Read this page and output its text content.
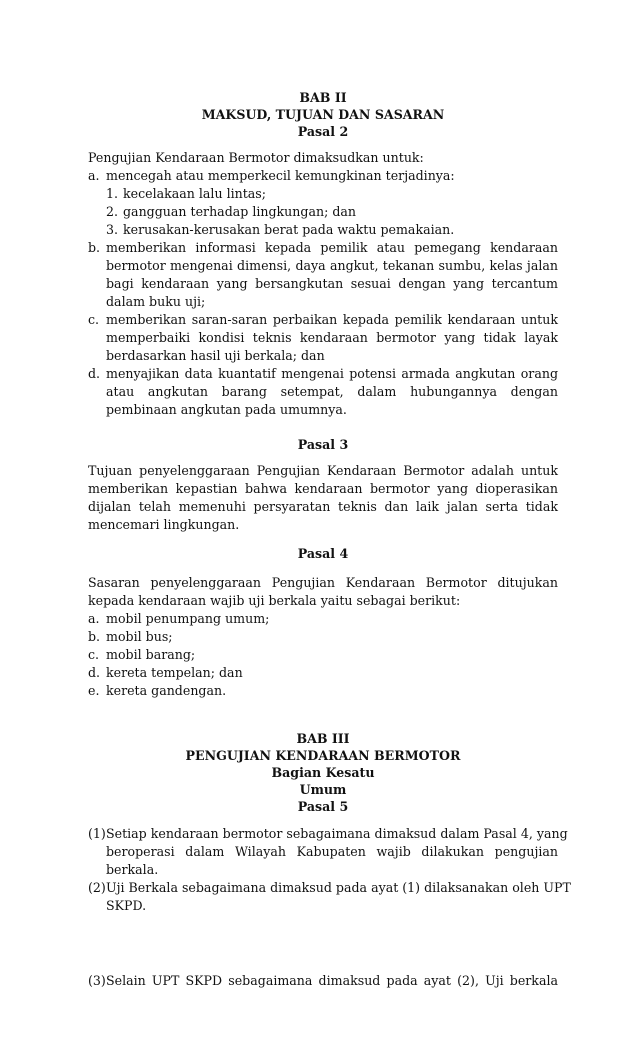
BAB II
MAKSUD, TUJUAN DAN SASARAN
Pasal 2
Pengujian Kendaraan Bermotor dimaksudkan untuk:
a. mencegah atau memperkecil kemungkinan terjadinya:
1. kecelakaan lalu lintas;
2. gangguan terhadap lingkungan; dan
3. kerusakan-kerusakan berat pada waktu pemakaian.
b. memberikan informasi kepada pemilik atau pemegang kendaraan
bermotor mengenai dimensi, daya angkut, tekanan sumbu, kelas jalan
bagi kendaraan yang bersangkutan sesuai dengan yang tercantum
dalam buku uji;
c. memberikan saran-saran perbaikan kepada pemilik kendaraan untuk
memperbaiki kondisi teknis kendaraan bermotor yang tidak layak
berdasarkan hasil uji berkala; dan
d. menyajikan data kuantatif mengenai potensi armada angkutan orang
atau angkutan barang setempat, dalam hubungannya dengan
pembinaan angkutan pada umumnya.
Pasal 3
Tujuan penyelenggaraan Pengujian Kendaraan Bermotor adalah untuk
memberikan kepastian bahwa kendaraan bermotor yang dioperasikan
dijalan telah memenuhi persyaratan teknis dan laik jalan serta tidak
mencemari lingkungan.
Pasal 4
Sasaran penyelenggaraan Pengujian Kendaraan Bermotor ditujukan
kepada kendaraan wajib uji berkala yaitu sebagai berikut:
a. mobil penumpang umum;
b. mobil bus;
c. mobil barang;
d. kereta tempelan; dan
e. kereta gandengan.
BAB III
PENGUJIAN KENDARAAN BERMOTOR
Bagian Kesatu
Umum
Pasal 5
(1) Setiap kendaraan bermotor sebagaimana dimaksud dalam Pasal 4, yang
beroperasi dalam Wilayah Kabupaten wajib dilakukan pengujian
berkala.
(2) Uji Berkala sebagaimana dimaksud pada ayat (1) dilaksanakan oleh UPT
SKPD.
(3) Selain UPT SKPD sebagaimana dimaksud pada ayat (2), Uji berkala
